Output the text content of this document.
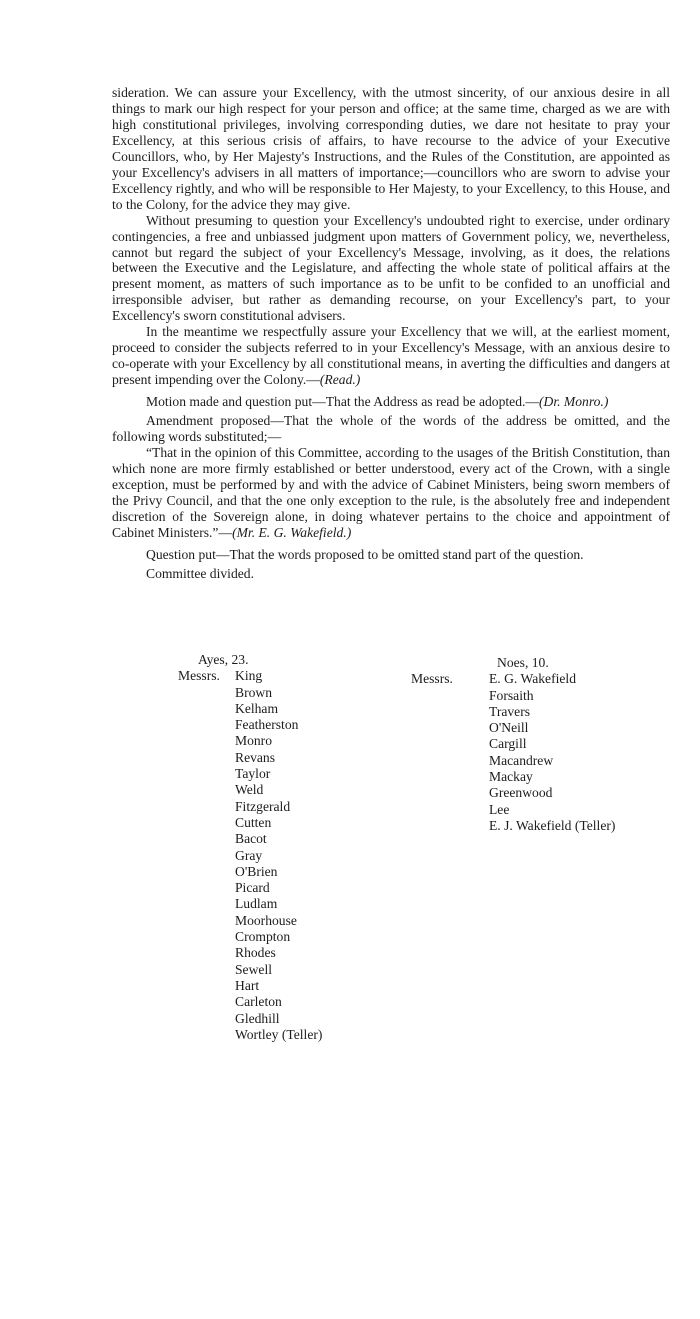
sideration. We can assure your Excellency, with the utmost sincerity, of our anxious desire in all things to mark our high respect for your person and office; at the same time, charged as we are with high constitutional privileges, involving corresponding duties, we dare not hesitate to pray your Excellency, at this serious crisis of affairs, to have recourse to the advice of your Executive Councillors, who, by Her Majesty's Instructions, and the Rules of the Constitution, are appointed as your Excellency's advisers in all matters of importance;—councillors who are sworn to advise your Excellency rightly, and who will be responsible to Her Majesty, to your Excellency, to this House, and to the Colony, for the advice they may give.

Without presuming to question your Excellency's undoubted right to exercise, under ordinary contingencies, a free and unbiassed judgment upon matters of Government policy, we, nevertheless, cannot but regard the subject of your Excellency's Message, involving, as it does, the relations between the Executive and the Legislature, and affecting the whole state of political affairs at the present moment, as matters of such importance as to be unfit to be confided to an unofficial and irresponsible adviser, but rather as demanding recourse, on your Excellency's part, to your Excellency's sworn constitutional advisers.

In the meantime we respectfully assure your Excellency that we will, at the earliest moment, proceed to consider the subjects referred to in your Excellency's Message, with an anxious desire to co-operate with your Excellency by all constitutional means, in averting the difficulties and dangers at present impending over the Colony.—(Read.)

Motion made and question put—That the Address as read be adopted.—(Dr. Monro.)

Amendment proposed—That the whole of the words of the address be omitted, and the following words substituted;—

“That in the opinion of this Committee, according to the usages of the British Constitution, than which none are more firmly established or better understood, every act of the Crown, with a single exception, must be performed by and with the advice of Cabinet Ministers, being sworn members of the Privy Council, and that the one only exception to the rule, is the absolutely free and independent discretion of the Sovereign alone, in doing whatever pertains to the choice and appointment of Cabinet Ministers.”—(Mr. E. G. Wakefield.)

Question put—That the words proposed to be omitted stand part of the question.

Committee divided.

Ayes, 23.
Messrs. King
Brown
Kelham
Featherston
Monro
Revans
Taylor
Weld
Fitzgerald
Cutten
Bacot
Gray
O'Brien
Picard
Ludlam
Moorhouse
Crompton
Rhodes
Sewell
Hart
Carleton
Gledhill
Wortley (Teller)
Noes, 10.
Messrs.	E. G. Wakefield
Forsaith
Travers
O'Neill
Cargill
Macandrew
Mackay
Greenwood
Lee
E. J. Wakefield (Teller)
